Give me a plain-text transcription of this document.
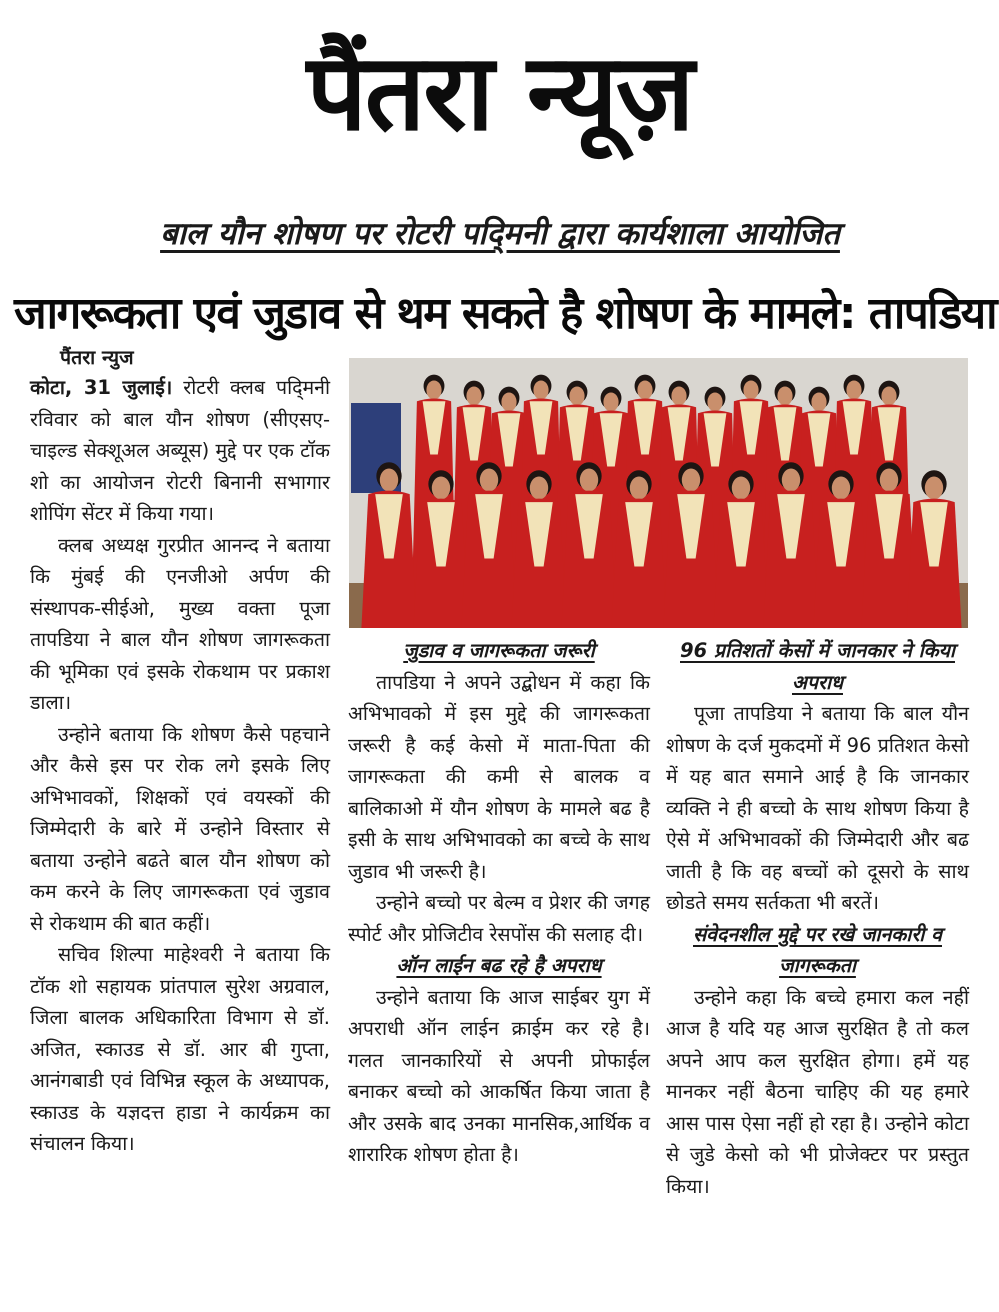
पैंतरा न्यूज़
बाल यौन शोषण पर रोटरी पदि्मनी द्वारा कार्यशाला आयोजित
जागरूकता एवं जुडाव से थम सकते है शोषण के मामले: तापडिया
पैंतरा न्युज

कोटा, 31 जुलाई। रोटरी क्लब पदि्मनी रविवार को बाल यौन शोषण (सीएसए-चाइल्ड सेक्शूअल अब्यूस) मुद्दे पर एक टॉक शो का आयोजन रोटरी बिनानी सभागार शोपिंग सेंटर में किया गया।

क्लब अध्यक्ष गुरप्रीत आनन्द ने बताया कि मुंबई की एनजीओ अर्पण की संस्थापक-सीईओ, मुख्य वक्ता पूजा तापडिया ने बाल यौन शोषण जागरूकता की भूमिका एवं इसके रोकथाम पर प्रकाश डाला।

उन्होने बताया कि शोषण कैसे पहचाने और कैसे इस पर रोक लगे इसके लिए अभिभावकों, शिक्षकों एवं वयस्कों की जिम्मेदारी के बारे में उन्होने विस्तार से बताया उन्होने बढते बाल यौन शोषण को कम करने के लिए जागरूकता एवं जुडाव से रोकथाम की बात कहीं।

सचिव शिल्पा माहेश्वरी ने बताया कि टॉक शो सहायक प्रांतपाल सुरेश अग्रवाल, जिला बालक अधिकारिता विभाग से डॉ. अजित, स्काउड से डॉ. आर बी गुप्ता, आनंगबाडी एवं विभिन्न स्कूल के अध्यापक, स्काउड के यज्ञदत्त हाडा ने कार्यक्रम का संचालन किया।

जुडाव व जागरूकता जरूरी

तापडिया ने अपने उद्बोधन में कहा कि अभिभावको में इस मुद्दे की जागरूकता जरूरी है कई केसो में माता-पिता की जागरूकता की कमी से बालक व बालिकाओ में यौन शोषण के मामले बढ है इसी के साथ अभिभावको का बच्चे के साथ जुडाव भी जरूरी है।

उन्होने बच्चो पर बेल्म व प्रेशर की जगह स्पोर्ट और प्रोजिटीव रेसपोंस की सलाह दी।

ऑन लाईन बढ रहे है अपराध

उन्होने बताया कि आज साईबर युग में अपराधी ऑन लाईन क्राईम कर रहे है। गलत जानकारियों से अपनी प्रोफाईल बनाकर बच्चो को आकर्षित किया जाता है और उसके बाद उनका मानसिक,आर्थिक व शारारिक शोषण होता है।

96 प्रतिशतों केसों में जानकार ने किया अपराध

पूजा तापडिया ने बताया कि बाल यौन शोषण के दर्ज मुकदमों में 96 प्रतिशत केसो में यह बात समाने आई है कि जानकार व्यक्ति ने ही बच्चो के साथ शोषण किया है ऐसे में अभिभावकों की जिम्मेदारी और बढ जाती है कि वह बच्चों को दूसरो के साथ छोडते समय सर्तकता भी बरतें।

संवेदनशील मुद्दे पर रखे जानकारी व जागरूकता

उन्होने कहा कि बच्चे हमारा कल नहीं आज है यदि यह आज सुरक्षित है तो कल अपने आप कल सुरक्षित होगा। हमें यह मानकर नहीं बैठना चाहिए की यह हमारे आस पास ऐसा नहीं हो रहा है। उन्होने कोटा से जुडे केसो को भी प्रोजेक्टर पर प्रस्तुत किया।
